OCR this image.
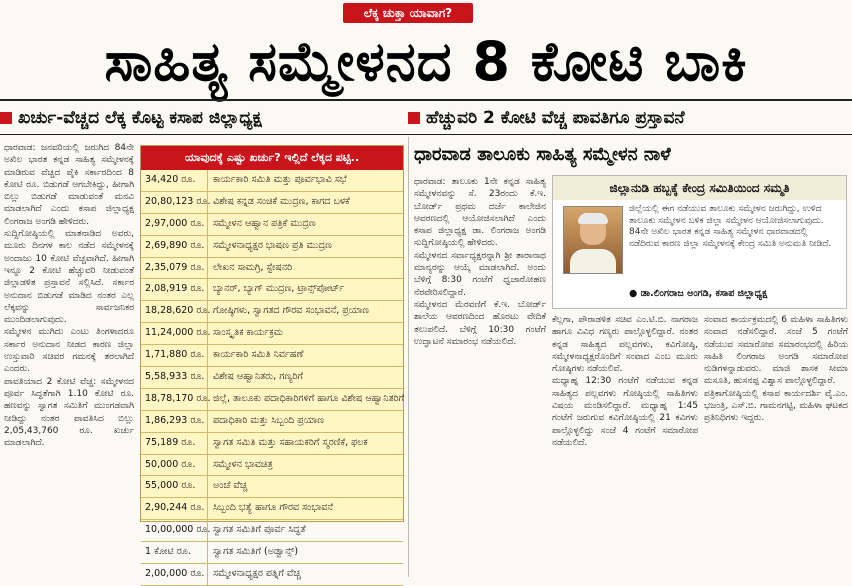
ಲೆಕ್ಕ ಚುಕ್ತಾ ಯಾವಾಗ?
ಸಾಹಿತ್ಯ ಸಮ್ಮೇಳನದ 8 ಕೋಟಿ ಬಾಕಿ
ಖರ್ಚು-ವೆಚ್ಚದ ಲೆಕ್ಕ ಕೊಟ್ಟ ಕಸಾಪ ಜಿಲ್ಲಾಧ್ಯಕ್ಷ	ಹೆಚ್ಚುವರಿ 2 ಕೋಟಿ ವೆಚ್ಚ ಪಾವತಿಗೂ ಪ್ರಸ್ತಾವನೆ

ಧಾರವಾಡ: ಜನವರಿಯಲ್ಲಿ ಜರುಗಿದ 84ನೇ ಅಖಿಲ ಭಾರತ ಕನ್ನಡ ಸಾಹಿತ್ಯ ಸಮ್ಮೇಳನಕ್ಕೆ ಮಾಡಿರುವ ವೆಚ್ಚದ ಪೈಕಿ ಸರ್ಕಾರದಿಂದ 8 ಕೋಟಿ ರೂ. ಬಿಡುಗಡೆ ಆಗಬೇಕಿದ್ದು, ಹೀಗಾಗಿ ಬಿಲ್ಲು ಬಿಡುಗಡೆ ಮಾಡುವಂತೆ ಮನವಿ ಮಾಡಲಾಗಿದೆ ಎಂದು ಕಸಾಪ ಜಿಲ್ಲಾಧ್ಯಕ್ಷ ಲಿಂಗರಾಜ ಅಂಗಡಿ ಹೇಳಿದರು.

ಸುದ್ದಿಗೋಷ್ಠಿಯಲ್ಲಿ ಮಾತನಾಡಿದ ಅವರು, ಮೂರು ದಿನಗಳ ಕಾಲ ನಡೆದ ಸಮ್ಮೇಳನಕ್ಕೆ ಅಂದಾಜು 10 ಕೋಟಿ ವೆಚ್ಚವಾಗಿದೆ. ಹೀಗಾಗಿ ಇನ್ನೂ 2 ಕೋಟಿ ಹೆಚ್ಚುವರಿ ನೀಡುವಂತೆ ಜಿಲ್ಲಾಡಳಿತ ಪ್ರಸ್ತಾವನೆ ಸಲ್ಲಿಸಿದೆ. ಸರ್ಕಾರ ಅನುದಾನ ಬಿಡುಗಡೆ ಮಾಡಿದ ನಂತರ ಎಲ್ಲ ಲೆಕ್ಕವನ್ನು ಸಾರ್ವಜನಿಕರ ಮುಂದಿಡಲಾಗುವುದು.

ಸಮ್ಮೇಳನ ಮುಗಿದು ಎಂಟು ತಿಂಗಳಾದರೂ ಸರ್ಕಾರ ಅನುದಾನ ನೀಡದ ಕಾರಣ ಜಿಲ್ಲಾ ಉಸ್ತುವಾರಿ ಸಚಿವರ ಗಮನಕ್ಕೆ ತರಲಾಗಿದೆ ಎಂದರು.

ಪಾವತಿಯಾದ 2 ಕೋಟಿ ವೆಚ್ಚ: ಸಮ್ಮೇಳನದ ಪೂರ್ವ ಸಿದ್ಧತೆಗಾಗಿ 1.10 ಕೋಟಿ ರೂ. ಹಣವನ್ನು ಸ್ವಾಗತ ಸಮಿತಿಗೆ ಮುಂಗಡವಾಗಿ ನೀಡಿದ್ದು ನಂತರ ಪಾವತಿಸಿದ ಬಿಲ್ಲು 2,05,43,760 ರೂ. ಖರ್ಚು ಮಾಡಲಾಗಿದೆ.

ಯಾವುದಕ್ಕೆ ಎಷ್ಟು ಖರ್ಚು? ಇಲ್ಲಿದೆ ಲೆಕ್ಕದ ಪಟ್ಟಿ..
34,420 ರೂ.	ಕಾರ್ಯಕಾರಿ ಸಮಿತಿ ಮತ್ತು ಪೂರ್ವಭಾವಿ ಸಭೆ
20,80,123 ರೂ. ವಿಶೇಷ ಕನ್ನಡ ಸಂಚಿಕೆ ಮುದ್ರಣ, ಕಾಗದ ಬಳಕೆ
2,97,000 ರೂ. ಸಮ್ಮೇಳನ ಆಹ್ವಾನ ಪತ್ರಿಕೆ ಮುದ್ರಣ
2,69,890 ರೂ. ಸಮ್ಮೇಳನಾಧ್ಯಕ್ಷರ ಭಾಷಣ ಪ್ರತಿ ಮುದ್ರಣ
2,35,079 ರೂ. ಲೇಖನ ಸಾಮಗ್ರಿ, ಸ್ಟೇಷನರಿ
2,08,919 ರೂ. ಬ್ಯಾನರ್, ಬ್ಯಾಗ್ ಮುದ್ರಣ, ಟ್ರಾನ್ಸ್‌ಪೋರ್ಟ್
18,28,620 ರೂ. ಗೋಷ್ಠಿಗಳು, ಸ್ವಾಗತದ ಗೌರವ ಸಂಭಾವನೆ, ಪ್ರಯಾಣ
11,24,000 ರೂ. ಸಾಂಸ್ಕೃತಿಕ ಕಾರ್ಯಕ್ರಮ
1,71,880 ರೂ. ಕಾರ್ಯಕಾರಿ ಸಮಿತಿ ನಿರ್ವಹಣೆ
5,58,933 ರೂ. ವಿಶೇಷ ಆಹ್ವಾನಿತರು, ಗಣ್ಯರಿಗೆ
18,78,170 ರೂ. ಜಿಲ್ಲೆ, ತಾಲೂಕು ಪದಾಧಿಕಾರಿಗಳಿಗೆ ಹಾಗೂ ವಿಶೇಷ ಆಹ್ವಾನಿತರಿಗೆ
1,86,293 ರೂ. ಪದಾಧಿಕಾರಿ ಮತ್ತು ಸಿಬ್ಬಂದಿ ಪ್ರಯಾಣ
75,189 ರೂ.	ಸ್ವಾಗತ ಸಮಿತಿ ಮತ್ತು ಸಹಾಯಕರಿಗೆ ಸ್ಮರಣಿಕೆ, ಫಲಕ
50,000 ರೂ.	ಸಮ್ಮೇಳನ ಭಾವಚಿತ್ರ
55,000 ರೂ.	ಅಂಚೆ ವೆಚ್ಚ
2,90,244 ರೂ. ಸಿಬ್ಬಂದಿ ಭತ್ಯೆ ಹಾಗೂ ಗೌರವ ಸಂಭಾವನೆ
10,00,000 ರೂ. ಸ್ವಾಗತ ಸಮಿತಿಗೆ ಪೂರ್ವ ಸಿದ್ಧತೆ
1 ಕೋಟಿ ರೂ.	ಸ್ವಾಗತ ಸಮಿತಿಗೆ (ಅಡ್ವಾನ್ಸ್)
2,00,000 ರೂ. ಸಮ್ಮೇಳನಾಧ್ಯಕ್ಷರ ಪತ್ನಿಗೆ ವೆಚ್ಚ
ಧಾರವಾಡ ತಾಲೂಕು ಸಾಹಿತ್ಯ ಸಮ್ಮೇಳನ ನಾಳೆ

ಧಾರವಾಡ: ತಾಲೂಕು 1ನೇ ಕನ್ನಡ ಸಾಹಿತ್ಯ ಸಮ್ಮೇಳನವನ್ನು ಸೆ. 23ರಂದು ಕೆ.ಇ. ಬೋರ್ಡ್ ಪ್ರಥಮ ದರ್ಜೆ ಕಾಲೇಜಿನ ಆವರಣದಲ್ಲಿ ಆಯೋಜಿಸಲಾಗಿದೆ ಎಂದು ಕಸಾಪ ಜಿಲ್ಲಾಧ್ಯಕ್ಷ ಡಾ. ಲಿಂಗರಾಜ ಅಂಗಡಿ ಸುದ್ದಿಗೋಷ್ಠಿಯಲ್ಲಿ ಹೇಳಿದರು.

ಸಮ್ಮೇಳನದ ಸರ್ವಾಧ್ಯಕ್ಷರನ್ನಾಗಿ ಶ್ರೀ ತಾರಾನಾಥ ಮಾನ್ಯರನ್ನು ಆಯ್ಕೆ ಮಾಡಲಾಗಿದೆ. ಅಂದು ಬೆಳಿಗ್ಗೆ 8:30 ಗಂಟೆಗೆ ಧ್ವಜಾರೋಹಣ ನೆರವೇರಿಸಲಿದ್ದಾರೆ.

ಸಮ್ಮೇಳನದ ಮೆರವಣಿಗೆ ಕೆ.ಇ. ಬೋರ್ಡ್ ಶಾಲೆಯ ಆವರಣದಿಂದ ಹೊರಟು ವೇದಿಕೆ ತಲುಪಲಿದೆ. ಬೆಳಿಗ್ಗೆ 10:30 ಗಂಟೆಗೆ ಉದ್ಘಾಟನೆ ಸಮಾರಂಭ ನಡೆಯಲಿದೆ.

ಜಿಲ್ಲಾನುಡಿ ಹಬ್ಬಕ್ಕೆ ಕೇಂದ್ರ ಸಮಿತಿಯಿಂದ ಸಮ್ಮತಿ
ಜಿಲ್ಲೆಯಲ್ಲಿ ಈಗ ನಡೆಯುವ ತಾಲೂಕು ಸಮ್ಮೇಳನ ಜರುಗಿದ್ದು, ಉಳಿದ ತಾಲೂಕು ಸಮ್ಮೇಳನ ಬಳಿಕ ಜಿಲ್ಲಾ ಸಮ್ಮೇಳನ ಆಯೋಜಿಸಲಾಗುವುದು. 84ನೇ ಅಖಿಲ ಭಾರತ ಕನ್ನಡ ಸಾಹಿತ್ಯ ಸಮ್ಮೇಳನ ಧಾರವಾಡದಲ್ಲಿ ನಡೆದಿರುವ ಕಾರಣ ಜಿಲ್ಲಾ ಸಮ್ಮೇಳನಕ್ಕೆ ಕೇಂದ್ರ ಸಮಿತಿ ಅನುಮತಿ ನೀಡಿದೆ.
● ಡಾ.ಲಿಂಗರಾಜ ಅಂಗಡಿ, ಕಸಾಪ ಜಿಲ್ಲಾಧ್ಯಕ್ಷ

ಕೆಲ್ಲಗಾ, ಪೌರಾಡಳಿತ ಸಚಿವ ಎಂ.ಟಿ.ಬಿ. ನಾಗರಾಜ ಹಾಗೂ ವಿವಿಧ ಗಣ್ಯರು ಪಾಲ್ಗೊಳ್ಳಲಿದ್ದಾರೆ. ನಂತರ ಕನ್ನಡ ಸಾಹಿತ್ಯದ ಪಲ್ಲವಗಳು, ಕವಿಗೋಷ್ಠಿ, ಸಮ್ಮೇಳನಾಧ್ಯಕ್ಷರೊಂದಿಗೆ ಸಂವಾದ ಎಂಬ ಮೂರು ಗೋಷ್ಠಿಗಳು ನಡೆಯಲಿವೆ.

ಮಧ್ಯಾಹ್ನ 12:30 ಗಂಟೆಗೆ ನಡೆಯುವ ಕನ್ನಡ ಸಾಹಿತ್ಯದ ಪಲ್ಲವಗಳು ಗೋಷ್ಠಿಯಲ್ಲಿ ಸಾಹಿತಿಗಳು ವಿಷಯ ಮಂಡಿಸಲಿದ್ದಾರೆ. ಮಧ್ಯಾಹ್ನ 1:45 ಗಂಟೆಗೆ ಜರುಗುವ ಕವಿಗೋಷ್ಠಿಯಲ್ಲಿ 21 ಕವಿಗಳು ಪಾಲ್ಗೊಳ್ಳಲಿದ್ದು ಸಂಜೆ 4 ಗಂಟೆಗೆ ಸಮಾರೋಪ ನಡೆಯಲಿದೆ.

ಸಂವಾದ ಕಾರ್ಯಕ್ರಮದಲ್ಲಿ 6 ಮಹಿಳಾ ಸಾಹಿತಿಗಳು ಸಂವಾದ ನಡೆಸಲಿದ್ದಾರೆ. ಸಂಜೆ 5 ಗಂಟೆಗೆ ನಡೆಯುವ ಸಮಾರೋಪ ಸಮಾರಂಭದಲ್ಲಿ ಹಿರಿಯ ಸಾಹಿತಿ ಲಿಂಗರಾಜ ಅಂಗಡಿ ಸಮಾರೋಪ ನುಡಿಗಳನ್ನಾಡುವರು. ಮಾಜಿ ಶಾಸಕ ಸೀಮಾ ಮಸೂತಿ, ಹುಸನಪ್ಪ ವಿಶ್ವಾಸ ಪಾಲ್ಗೊಳ್ಳಲಿದ್ದಾರೆ.

ಪತ್ರಿಕಾಗೋಷ್ಠಿಯಲ್ಲಿ ಕಸಾಪ ಕಾರ್ಯದರ್ಶಿ ವೈ.ಎಂ. ಭಜಂತ್ರಿ, ಎಸ್.ಬಿ. ಗಾಮನಗಟ್ಟಿ, ಮಹಿಳಾ ಘಟಕದ ಪ್ರತಿನಿಧಿಗಳು ಇದ್ದರು.
